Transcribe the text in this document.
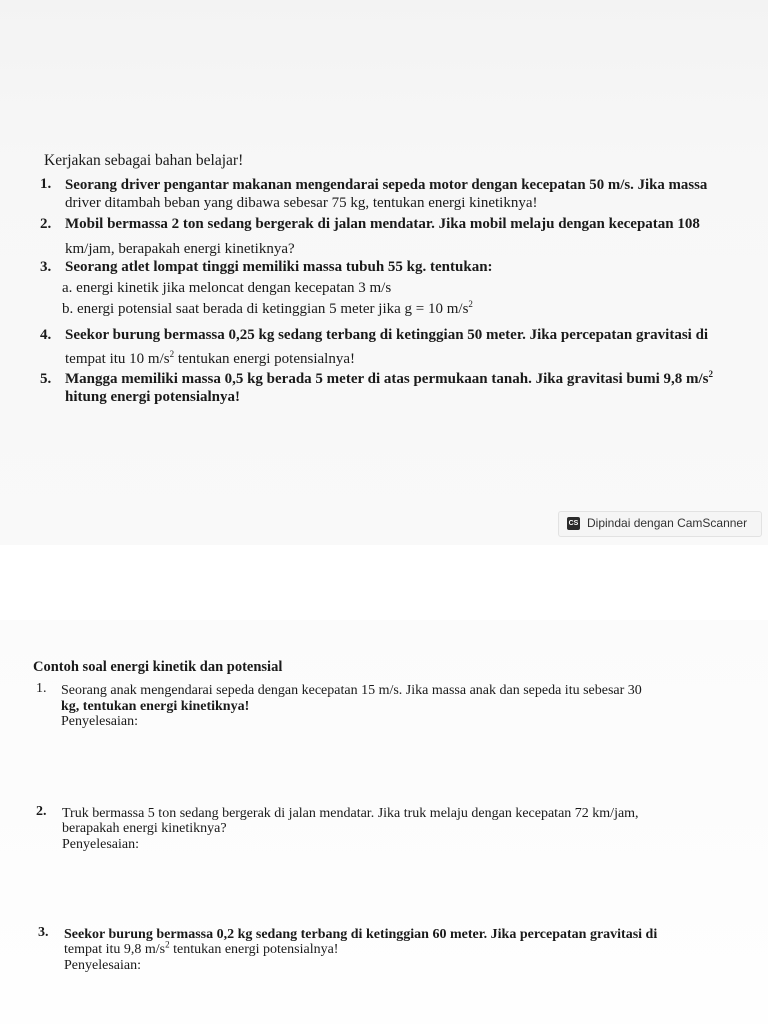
Kerjakan sebagai bahan belajar!
1. Seorang driver pengantar makanan mengendarai sepeda motor dengan kecepatan 50 m/s. Jika massa
driver ditambah beban yang dibawa sebesar 75 kg, tentukan energi kinetiknya!
2. Mobil bermassa 2 ton sedang bergerak di jalan mendatar. Jika mobil melaju dengan kecepatan 108
km/jam, berapakah energi kinetiknya?
3. Seorang atlet lompat tinggi memiliki massa tubuh 55 kg. tentukan:
a. energi kinetik jika meloncat dengan kecepatan 3 m/s
b. energi potensial saat berada di ketinggian 5 meter jika g = 10 $m/s^2$
4. Seekor burung bermassa 0,25 kg sedang terbang di ketinggian 50 meter. Jika percepatan gravitasi di
tempat itu 10 $m/s^2$ tentukan energi potensialnya!
5. Mangga memiliki massa 0,5 kg berada 5 meter di atas permukaan tanah. Jika gravitasi bumi 9,8 $m/s^2$
hitung energi potensialnya!
CS Dipindai dengan CamScanner
Contoh soal energi kinetik dan potensial
1. Seorang anak mengendarai sepeda dengan kecepatan 15 m/s. Jika massa anak dan sepeda itu sebesar 30
kg, tentukan energi kinetiknya!
Penyelesaian:
2. Truk bermassa 5 ton sedang bergerak di jalan mendatar. Jika truk melaju dengan kecepatan 72 km/jam,
berapakah energi kinetiknya?
Penyelesaian:
3. Seekor burung bermassa 0,2 kg sedang terbang di ketinggian 60 meter. Jika percepatan gravitasi di
tempat itu 9,8 $m/s^2$ tentukan energi potensialnya!
Penyelesaian:
